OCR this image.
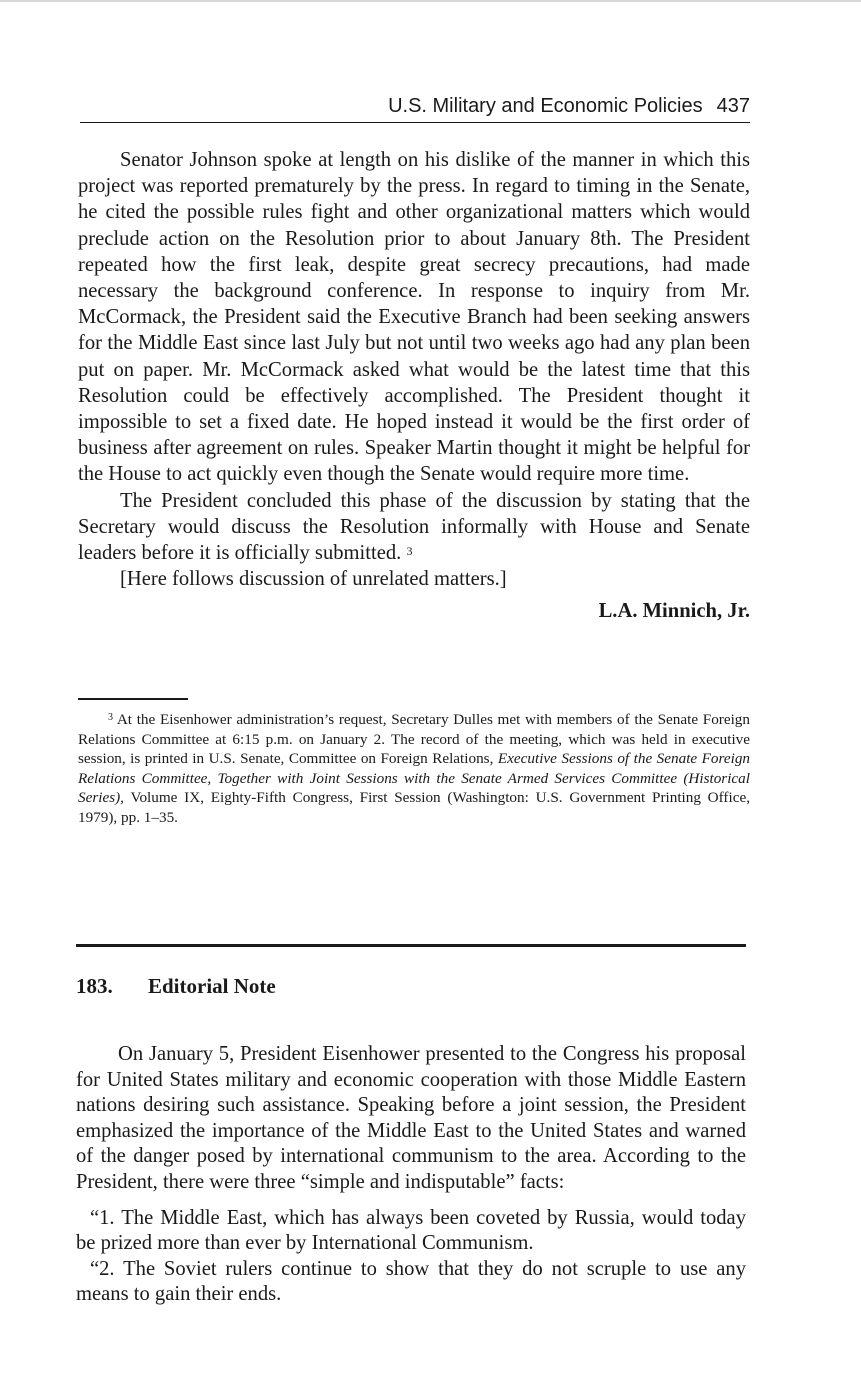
U.S. Military and Economic Policies 437

Senator Johnson spoke at length on his dislike of the manner in which this project was reported prematurely by the press. In regard to timing in the Senate, he cited the possible rules fight and other organizational matters which would preclude action on the Resolution prior to about January 8th. The President repeated how the first leak, despite great secrecy precautions, had made necessary the background conference. In response to inquiry from Mr. McCormack, the President said the Executive Branch had been seeking answers for the Middle East since last July but not until two weeks ago had any plan been put on paper. Mr. McCormack asked what would be the latest time that this Resolution could be effectively accomplished. The President thought it impossible to set a fixed date. He hoped instead it would be the first order of business after agreement on rules. Speaker Martin thought it might be helpful for the House to act quickly even though the Senate would require more time.

The President concluded this phase of the discussion by stating that the Secretary would discuss the Resolution informally with House and Senate leaders before it is officially submitted. $^3$

[Here follows discussion of unrelated matters.]

L.A. Minnich, Jr.

$^3$ At the Eisenhower administration’s request, Secretary Dulles met with members of the Senate Foreign Relations Committee at 6:15 p.m. on January 2. The record of the meeting, which was held in executive session, is printed in U.S. Senate, Committee on Foreign Relations, Executive Sessions of the Senate Foreign Relations Committee, Together with Joint Sessions with the Senate Armed Services Committee (Historical Series), Volume IX, Eighty-Fifth Congress, First Session (Washington: U.S. Government Printing Office, 1979), pp. 1–35.

183. Editorial Note

On January 5, President Eisenhower presented to the Congress his proposal for United States military and economic cooperation with those Middle Eastern nations desiring such assistance. Speaking before a joint session, the President emphasized the importance of the Middle East to the United States and warned of the danger posed by international communism to the area. According to the President, there were three “simple and indisputable” facts:

“1. The Middle East, which has always been coveted by Russia, would today be prized more than ever by International Communism.

“2. The Soviet rulers continue to show that they do not scruple to use any means to gain their ends.
